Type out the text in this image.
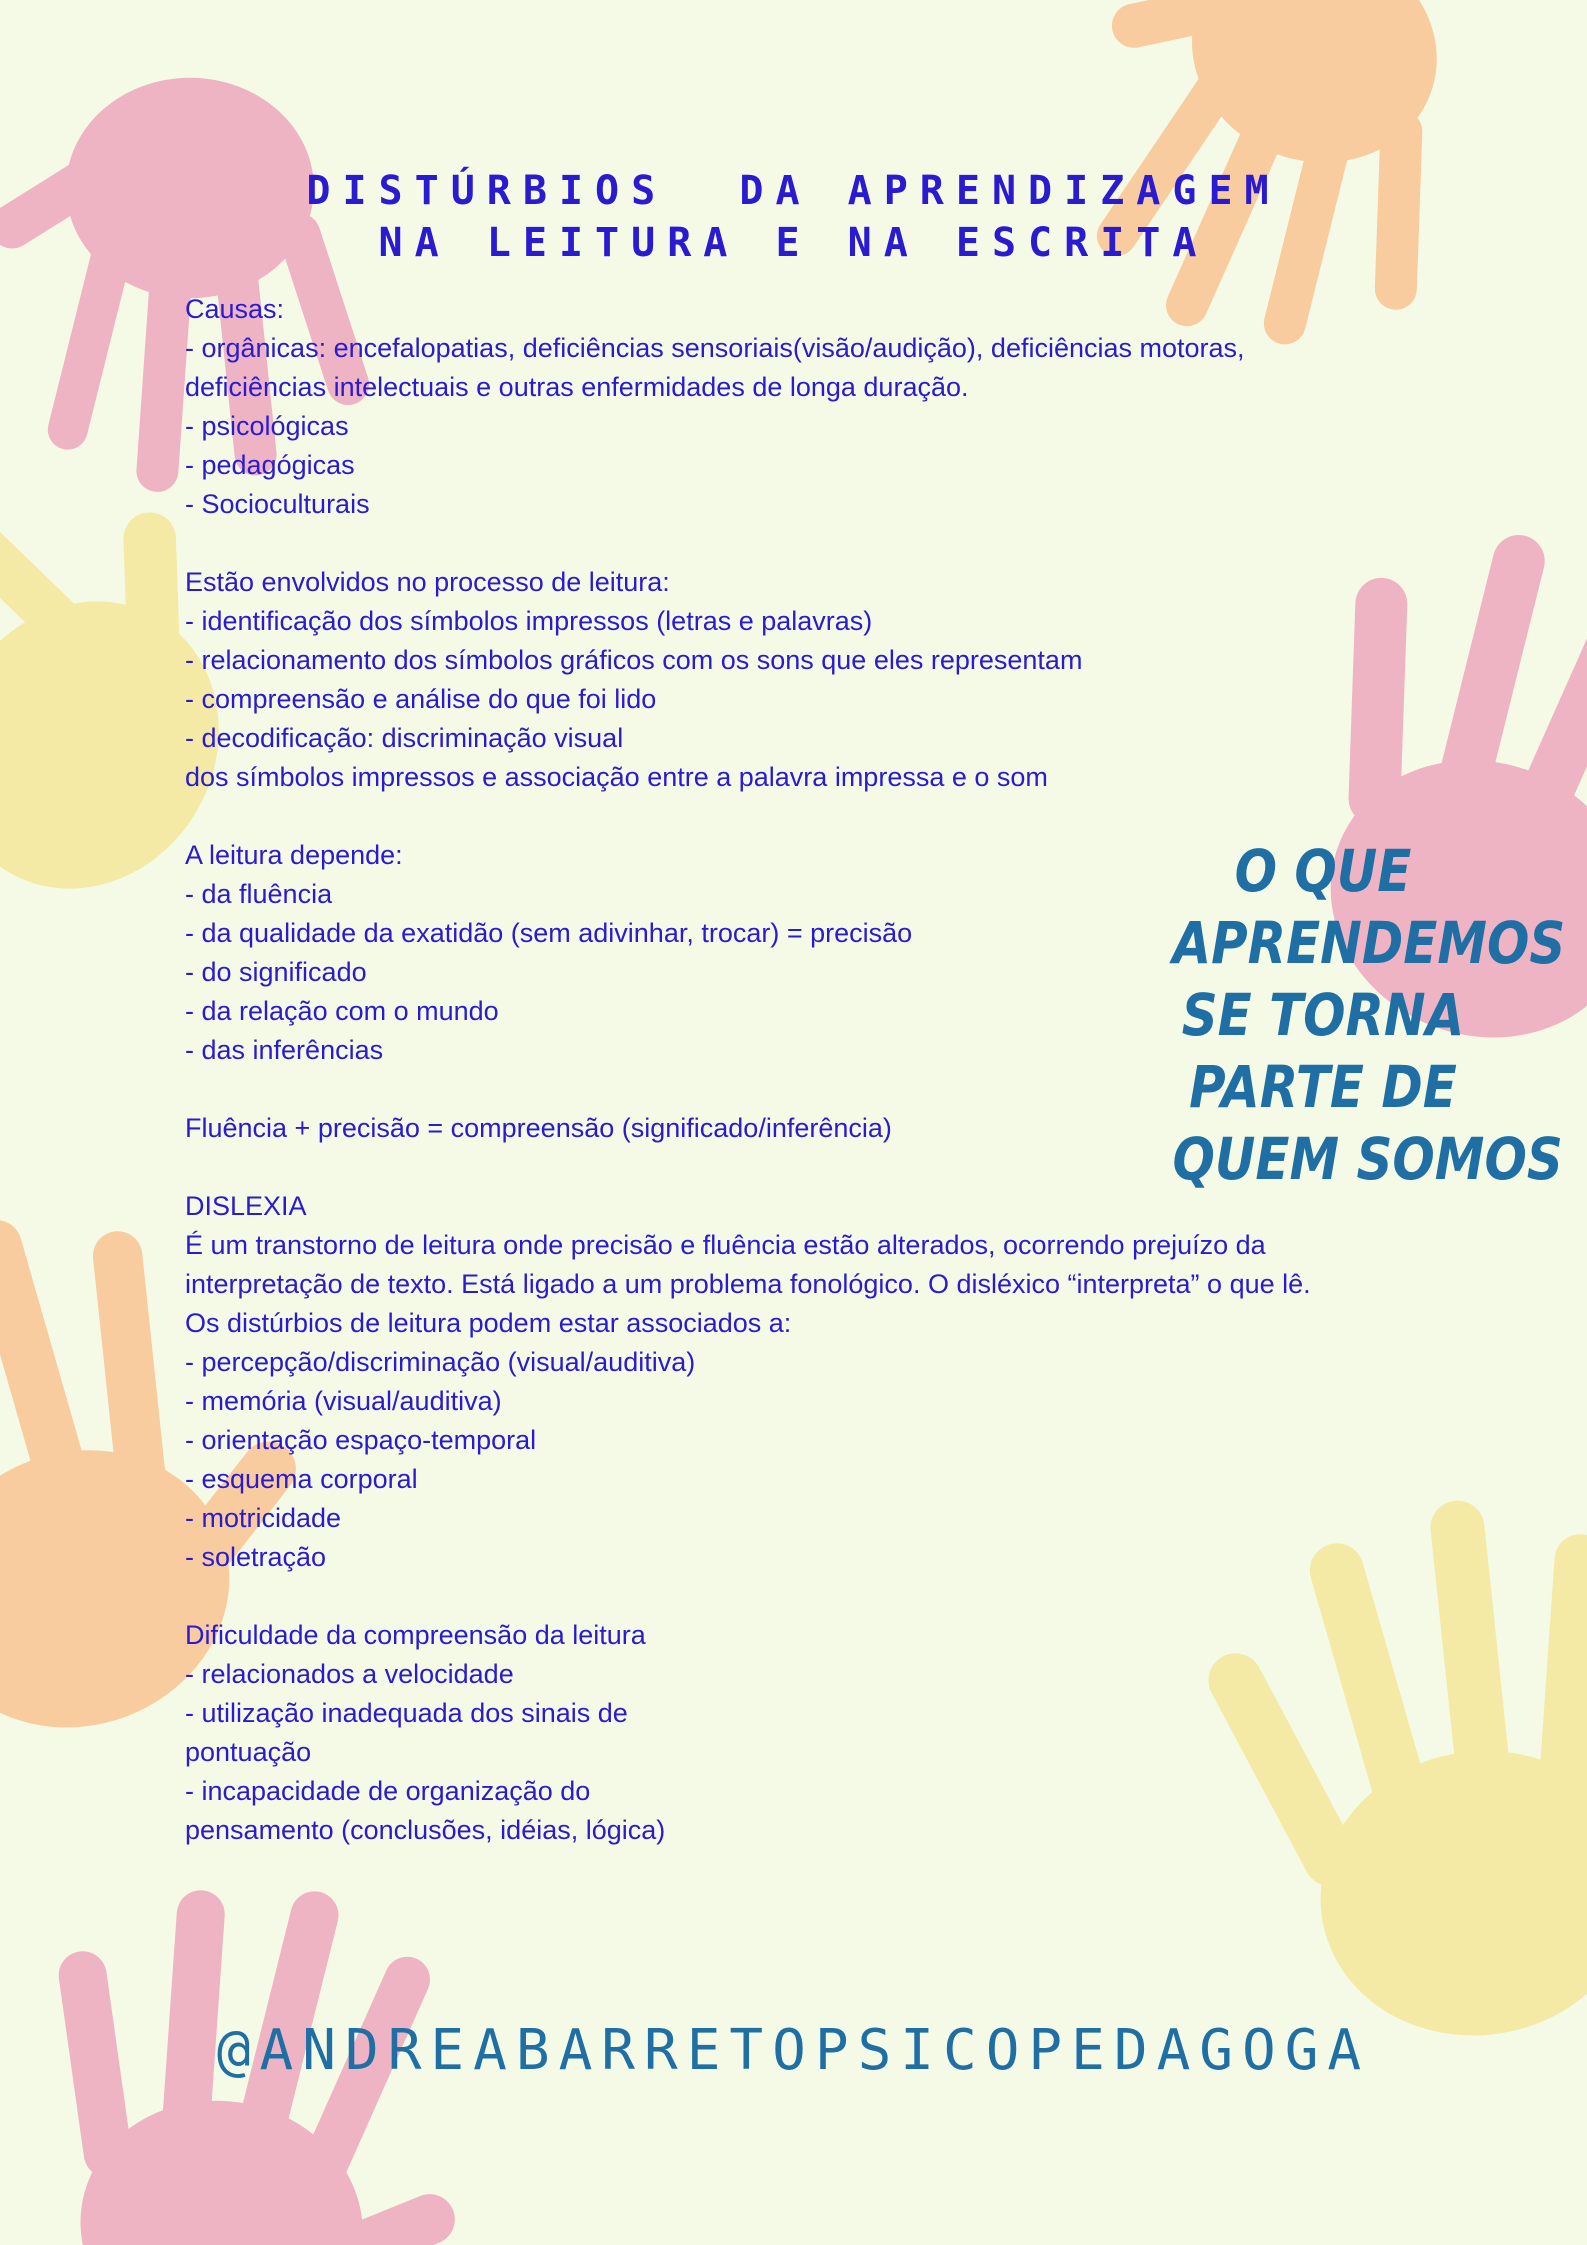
DISTÚRBIOS  DA APRENDIZAGEM
NA LEITURA E NA ESCRITA
Causas:
- orgânicas: encefalopatias, deficiências sensoriais(visão/audição), deficiências motoras,
deficiências intelectuais e outras enfermidades de longa duração.
- psicológicas
- pedagógicas
- Socioculturais
Estão envolvidos no processo de leitura:
- identificação dos símbolos impressos (letras e palavras)
- relacionamento dos símbolos gráficos com os sons que eles representam
- compreensão e análise do que foi lido
- decodificação: discriminação visual
dos símbolos impressos e associação entre a palavra impressa e o som
A leitura depende:
- da fluência
- da qualidade da exatidão (sem adivinhar, trocar) = precisão
- do significado
- da relação com o mundo
- das inferências
Fluência + precisão = compreensão (significado/inferência)
DISLEXIA
É um transtorno de leitura onde precisão e fluência estão alterados, ocorrendo prejuízo da
interpretação de texto. Está ligado a um problema fonológico. O disléxico “interpreta” o que lê.
Os distúrbios de leitura podem estar associados a:
- percepção/discriminação (visual/auditiva)
- memória (visual/auditiva)
- orientação espaço-temporal
- esquema corporal
- motricidade
- soletração
Dificuldade da compreensão da leitura
- relacionados a velocidade
- utilização inadequada dos sinais de
pontuação
- incapacidade de organização do
pensamento (conclusões, idéias, lógica)
O QUE
APRENDEMOS
SE TORNA
PARTE DE
QUEM SOMOS
@ANDREABARRETOPSICOPEDAGOGA
